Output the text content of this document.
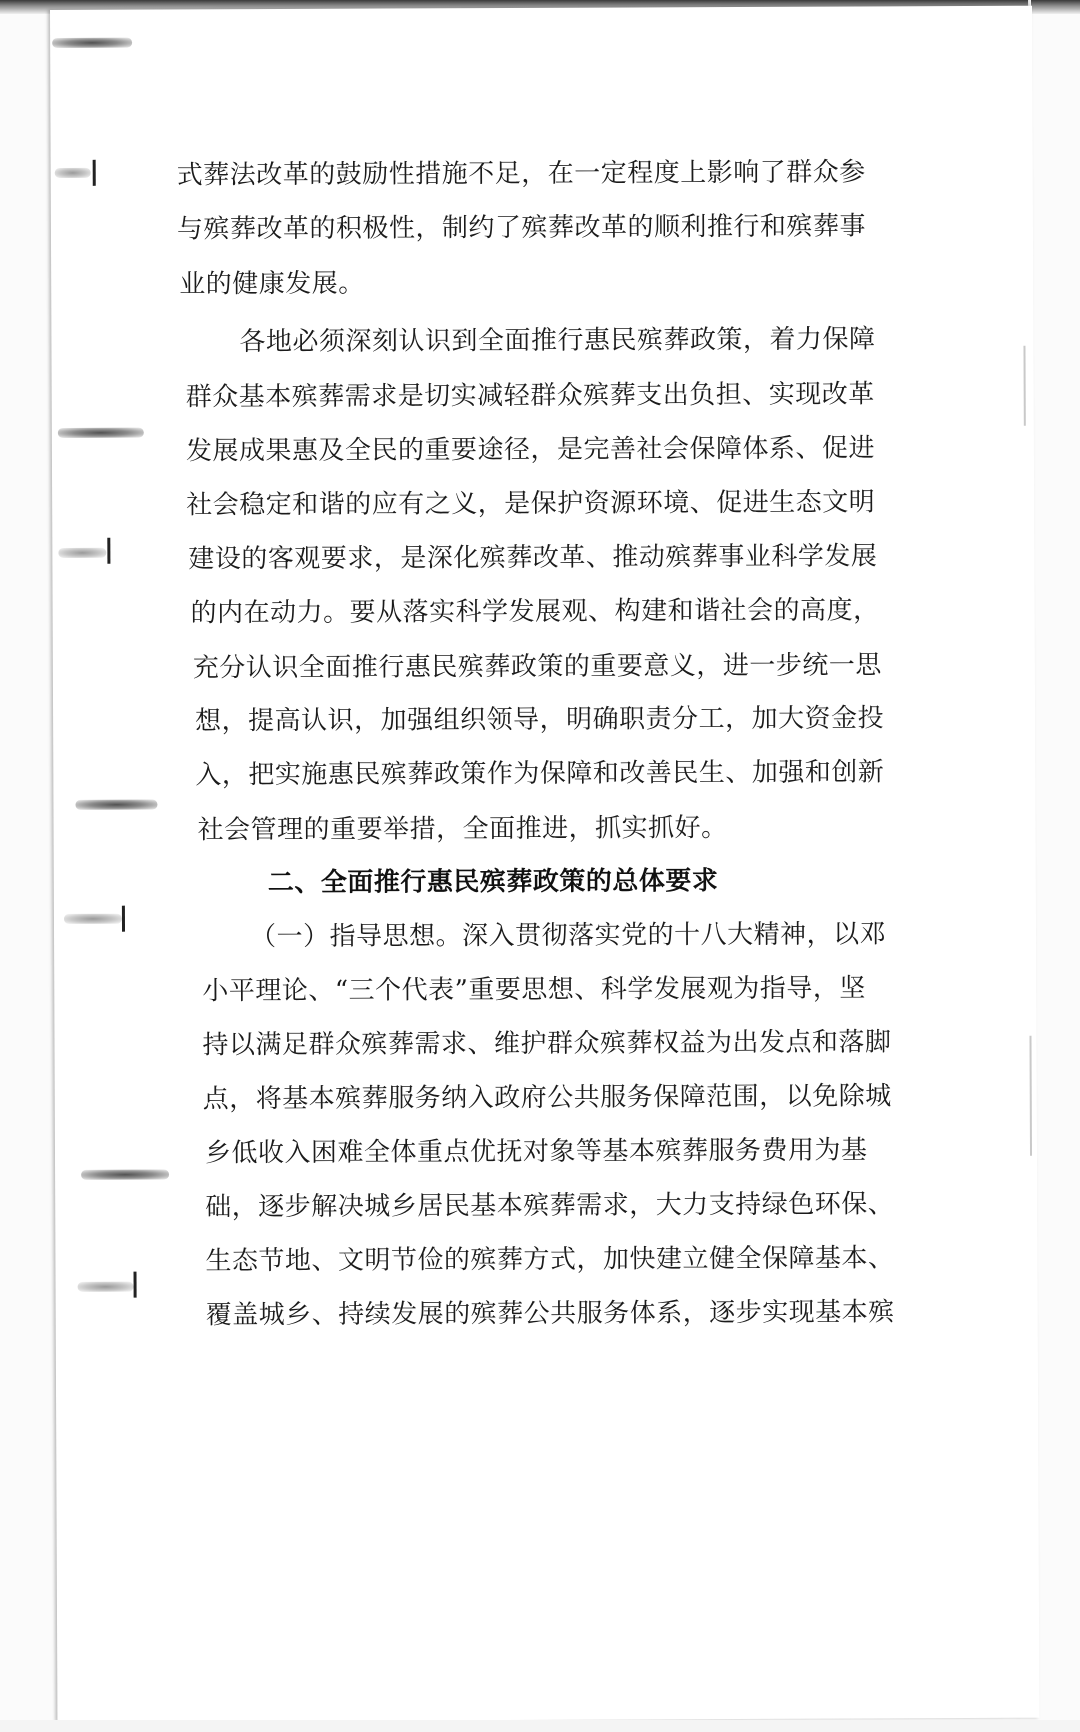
式葬法改革的鼓励性措施不足，在一定程度上影响了群众参

与殡葬改革的积极性，制约了殡葬改革的顺利推行和殡葬事

业的健康发展。

各地必须深刻认识到全面推行惠民殡葬政策，着力保障

群众基本殡葬需求是切实减轻群众殡葬支出负担、实现改革

发展成果惠及全民的重要途径，是完善社会保障体系、促进

社会稳定和谐的应有之义，是保护资源环境、促进生态文明

建设的客观要求，是深化殡葬改革、推动殡葬事业科学发展

的内在动力。要从落实科学发展观、构建和谐社会的高度，

充分认识全面推行惠民殡葬政策的重要意义，进一步统一思

想，提高认识，加强组织领导，明确职责分工，加大资金投

入，把实施惠民殡葬政策作为保障和改善民生、加强和创新

社会管理的重要举措，全面推进，抓实抓好。

二、全面推行惠民殡葬政策的总体要求

（一）指导思想。深入贯彻落实党的十八大精神，以邓

小平理论、“三个代表”重要思想、科学发展观为指导，坚

持以满足群众殡葬需求、维护群众殡葬权益为出发点和落脚

点，将基本殡葬服务纳入政府公共服务保障范围，以免除城

乡低收入困难全体重点优抚对象等基本殡葬服务费用为基

础，逐步解决城乡居民基本殡葬需求，大力支持绿色环保、

生态节地、文明节俭的殡葬方式，加快建立健全保障基本、

覆盖城乡、持续发展的殡葬公共服务体系，逐步实现基本殡
